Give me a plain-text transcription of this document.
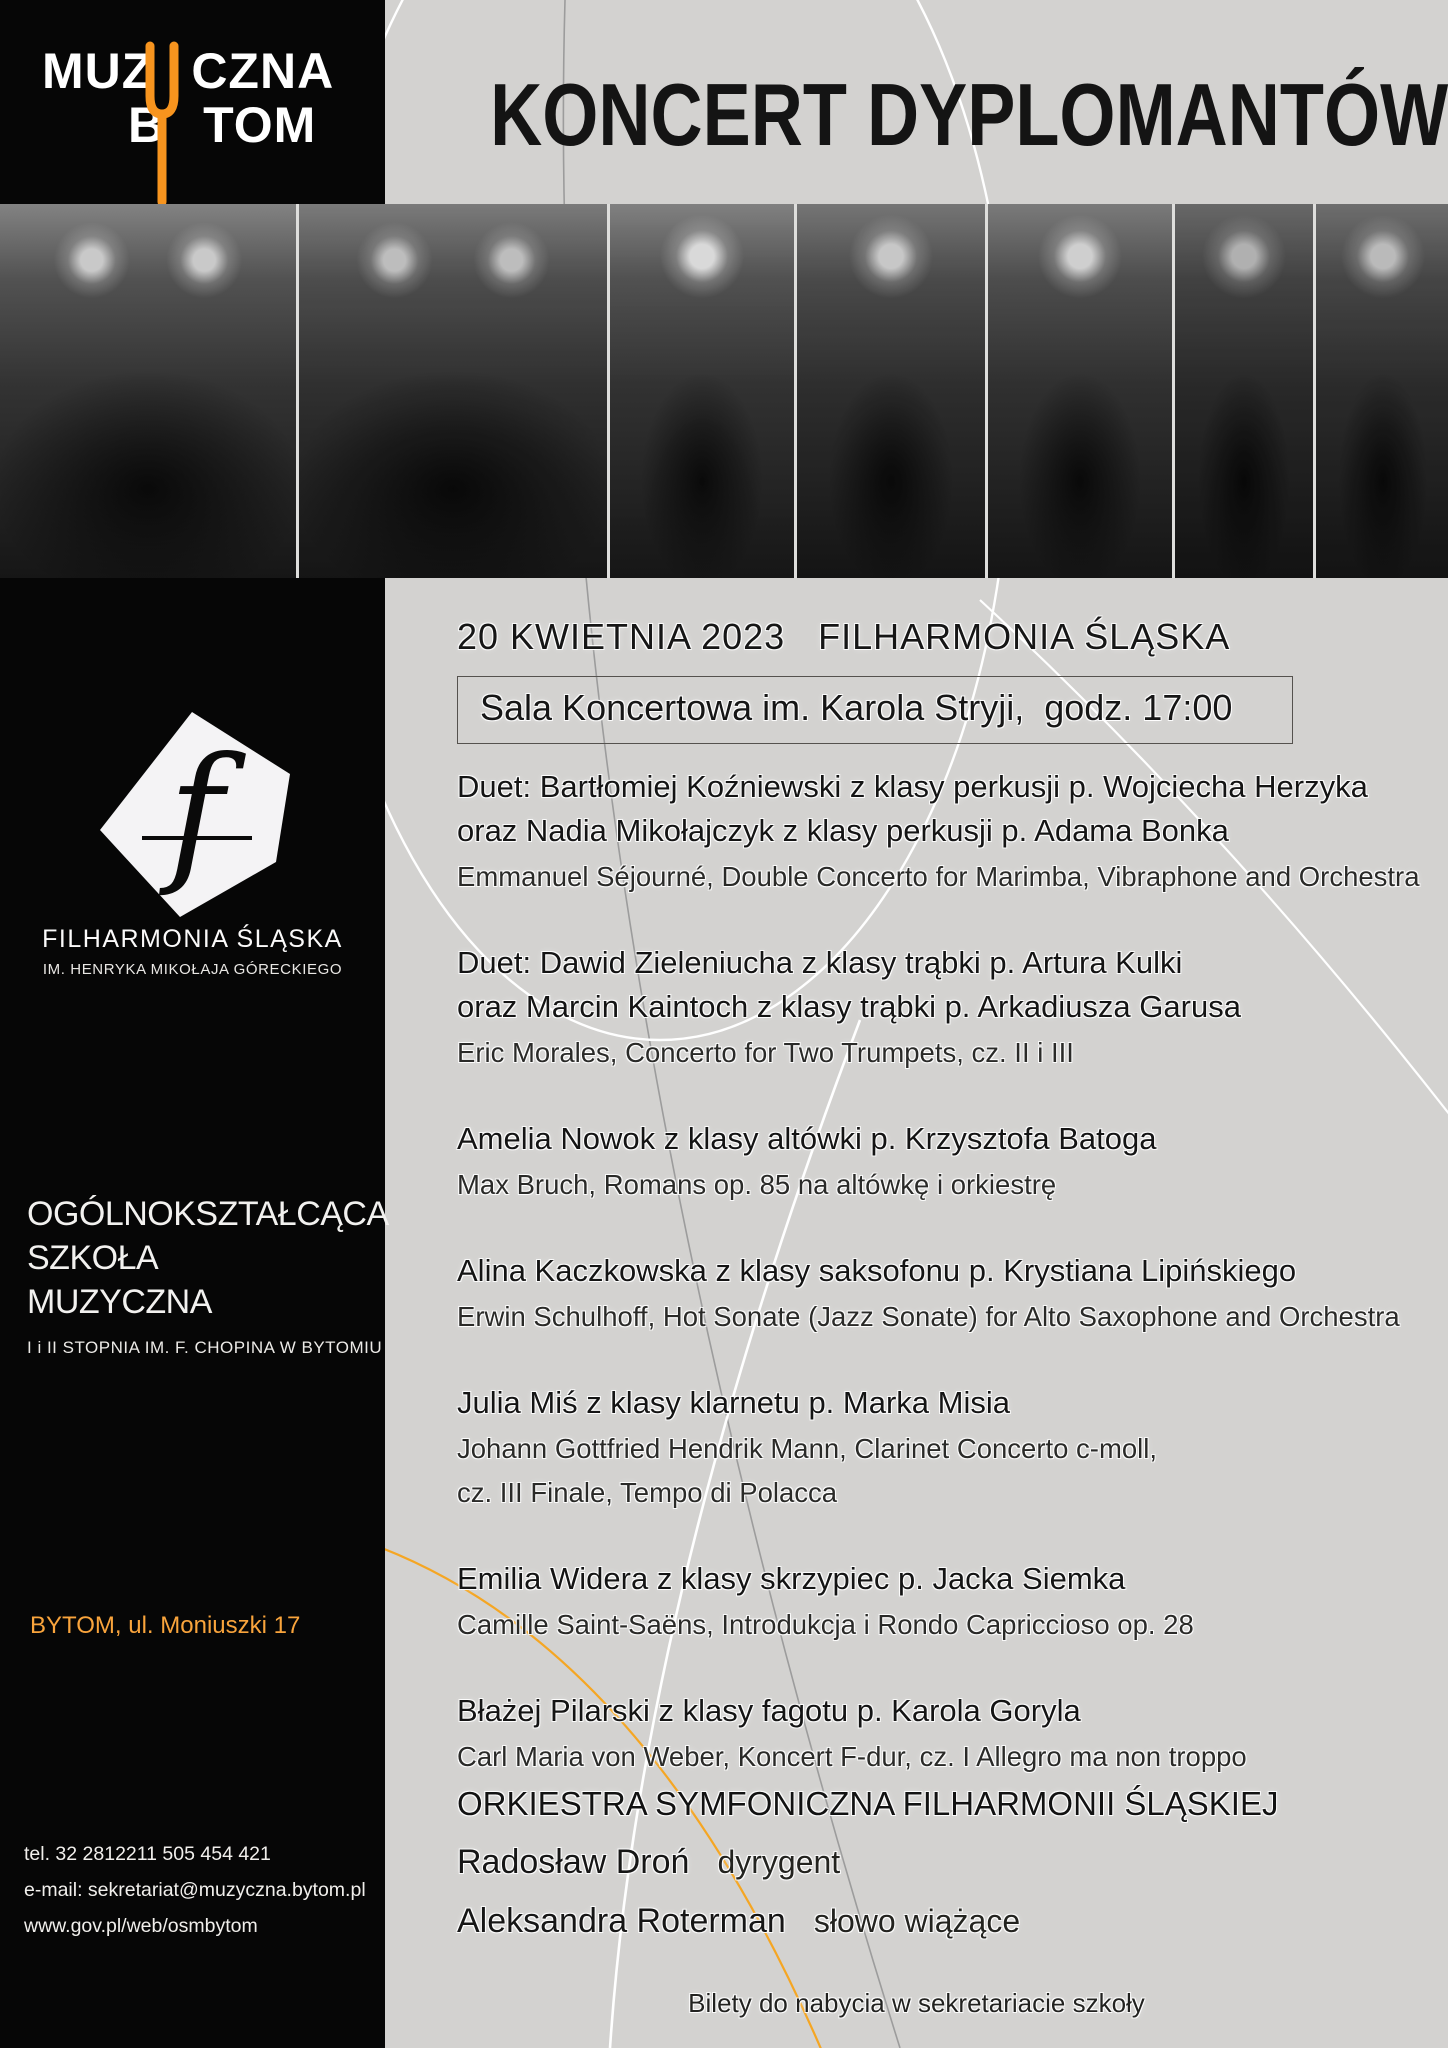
MUZ CZNA
B TOM
f
FILHARMONIA ŚLĄSKA
IM. HENRYKA MIKOŁAJA GÓRECKIEGO
OGÓLNOKSZTAŁCĄCA
SZKOŁA
MUZYCZNA
I i II STOPNIA IM. F. CHOPINA W BYTOMIU
BYTOM, ul. Moniuszki 17
tel. 32 2812211 505 454 421
e-mail: sekretariat@muzyczna.bytom.pl
www.gov.pl/web/osmbytom
KONCERT DYPLOMANTÓW
20 KWIETNIA 2023   FILHARMONIA ŚLĄSKA
Sala Koncertowa im. Karola Stryji,  godz. 17:00
Duet: Bartłomiej Koźniewski z klasy perkusji p. Wojciecha Herzyka
oraz Nadia Mikołajczyk z klasy perkusji p. Adama Bonka
Emmanuel Séjourné, Double Concerto for Marimba, Vibraphone and Orchestra
Duet: Dawid Zieleniucha z klasy trąbki p. Artura Kulki
oraz Marcin Kaintoch z klasy trąbki p. Arkadiusza Garusa
Eric Morales, Concerto for Two Trumpets, cz. II i III
Amelia Nowok z klasy altówki p. Krzysztofa Batoga
Max Bruch, Romans op. 85 na altówkę i orkiestrę
Alina Kaczkowska z klasy saksofonu p. Krystiana Lipińskiego
Erwin Schulhoff, Hot Sonate (Jazz Sonate) for Alto Saxophone and Orchestra
Julia Miś z klasy klarnetu p. Marka Misia
Johann Gottfried Hendrik Mann, Clarinet Concerto c-moll,
cz. III Finale, Tempo di Polacca
Emilia Widera z klasy skrzypiec p. Jacka Siemka
Camille Saint-Saëns, Introdukcja i Rondo Capriccioso op. 28
Błażej Pilarski z klasy fagotu p. Karola Goryla
Carl Maria von Weber, Koncert F-dur, cz. I Allegro ma non troppo
ORKIESTRA SYMFONICZNA FILHARMONII ŚLĄSKIEJ
Radosław Droń dyrygent
Aleksandra Roterman słowo wiążące
Bilety do nabycia w sekretariacie szkoły
